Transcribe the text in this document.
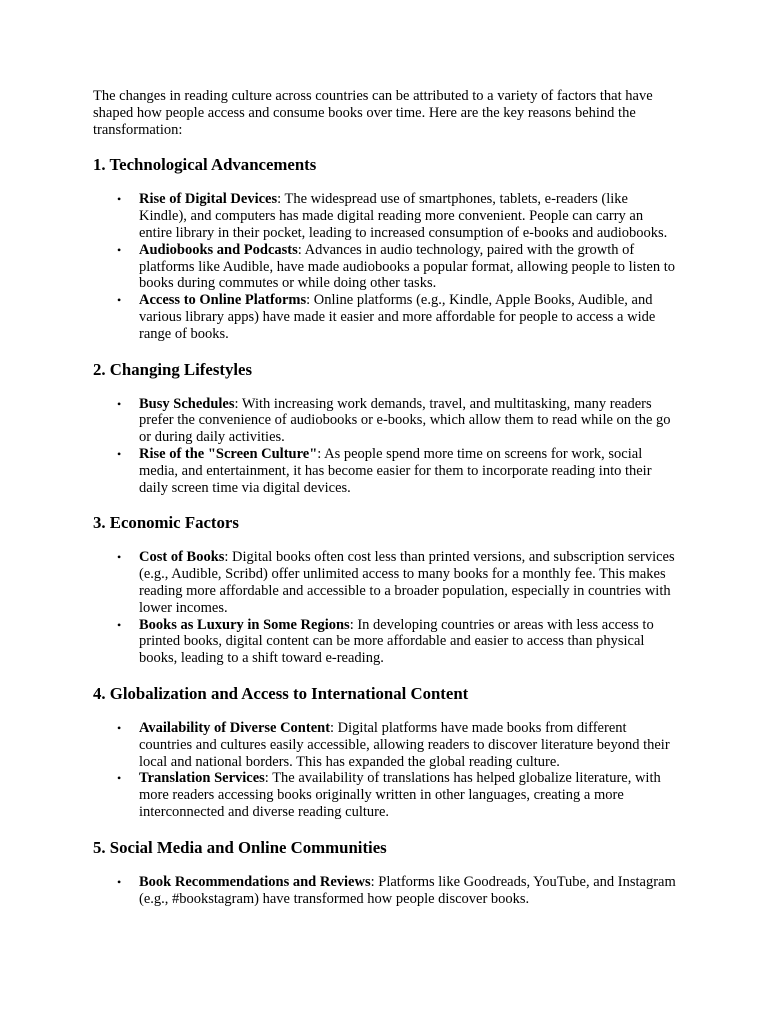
The changes in reading culture across countries can be attributed to a variety of factors that have shaped how people access and consume books over time. Here are the key reasons behind the transformation:

1. Technological Advancements
• Rise of Digital Devices: The widespread use of smartphones, tablets, e-readers (like Kindle), and computers has made digital reading more convenient. People can carry an entire library in their pocket, leading to increased consumption of e-books and audiobooks.
• Audiobooks and Podcasts: Advances in audio technology, paired with the growth of platforms like Audible, have made audiobooks a popular format, allowing people to listen to books during commutes or while doing other tasks.
• Access to Online Platforms: Online platforms (e.g., Kindle, Apple Books, Audible, and various library apps) have made it easier and more affordable for people to access a wide range of books.
2. Changing Lifestyles
• Busy Schedules: With increasing work demands, travel, and multitasking, many readers prefer the convenience of audiobooks or e-books, which allow them to read while on the go or during daily activities.
• Rise of the "Screen Culture": As people spend more time on screens for work, social media, and entertainment, it has become easier for them to incorporate reading into their daily screen time via digital devices.
3. Economic Factors
• Cost of Books: Digital books often cost less than printed versions, and subscription services (e.g., Audible, Scribd) offer unlimited access to many books for a monthly fee. This makes reading more affordable and accessible to a broader population, especially in countries with lower incomes.
• Books as Luxury in Some Regions: In developing countries or areas with less access to printed books, digital content can be more affordable and easier to access than physical books, leading to a shift toward e-reading.
4. Globalization and Access to International Content
• Availability of Diverse Content: Digital platforms have made books from different countries and cultures easily accessible, allowing readers to discover literature beyond their local and national borders. This has expanded the global reading culture.
• Translation Services: The availability of translations has helped globalize literature, with more readers accessing books originally written in other languages, creating a more interconnected and diverse reading culture.
5. Social Media and Online Communities
• Book Recommendations and Reviews: Platforms like Goodreads, YouTube, and Instagram (e.g., #bookstagram) have transformed how people discover books.
